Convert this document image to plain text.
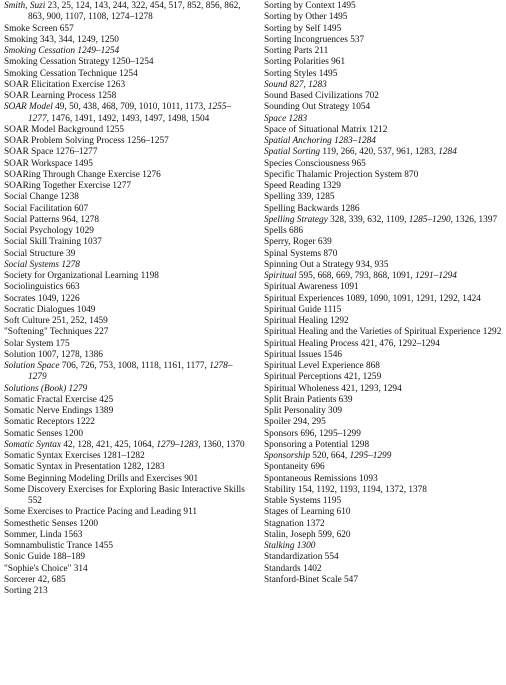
Smith, Suzi 23, 25, 124, 143, 244, 322, 454, 517, 852, 856, 862, 863, 900, 1107, 1108, 1274–1278
Smoke Screen 657
Smoking 343, 344, 1249, 1250
Smoking Cessation 1249–1254
Smoking Cessation Strategy 1250–1254
Smoking Cessation Technique 1254
SOAR Elicitation Exercise 1263
SOAR Learning Process 1258
SOAR Model 49, 50, 438, 468, 709, 1010, 1011, 1173, 1255–1277, 1476, 1491, 1492, 1493, 1497, 1498, 1504
SOAR Model Background 1255
SOAR Problem Solving Process 1256–1257
SOAR Space 1276–1277
SOAR Workspace 1495
SOARing Through Change Exercise 1276
SOARing Together Exercise 1277
Social Change 1238
Social Facilitation 607
Social Patterns 964, 1278
Social Psychology 1029
Social Skill Training 1037
Social Structure 39
Social Systems 1278
Society for Organizational Learning 1198
Sociolinguistics 663
Socrates 1049, 1226
Socratic Dialogues 1049
Soft Culture 251, 252, 1459
"Softening" Techniques 227
Solar System 175
Solution 1007, 1278, 1386
Solution Space 706, 726, 753, 1008, 1118, 1161, 1177, 1278–1279
Solutions (Book) 1279
Somatic Fractal Exercise 425
Somatic Nerve Endings 1389
Somatic Receptors 1222
Somatic Senses 1200
Somatic Syntax 42, 128, 421, 425, 1064, 1279–1283, 1360, 1370
Somatic Syntax Exercises 1281–1282
Somatic Syntax in Presentation 1282, 1283
Some Beginning Modeling Drills and Exercises 901
Some Discovery Exercises for Exploring Basic Interactive Skills 552
Some Exercises to Practice Pacing and Leading 911
Somesthetic Senses 1200
Sommer, Linda 1563
Somnambulistic Trance 1455
Sonic Guide 188–189
"Sophie's Choice" 314
Sorcerer 42, 685
Sorting 213
Sorting by Context 1495
Sorting by Other 1495
Sorting by Self 1495
Sorting Incongruences 537
Sorting Parts 211
Sorting Polarities 961
Sorting Styles 1495
Sound 827, 1283
Sound Based Civilizations 702
Sounding Out Strategy 1054
Space 1283
Space of Situational Matrix 1212
Spatial Anchoring 1283–1284
Spatial Sorting 119, 266, 420, 537, 961, 1283, 1284
Species Consciousness 965
Specific Thalamic Projection System 870
Speed Reading 1329
Spelling 339, 1285
Spelling Backwards 1286
Spelling Strategy 328, 339, 632, 1109, 1285–1290, 1326, 1397
Spells 686
Sperry, Roger 639
Spinal Systems 870
Spinning Out a Strategy 934, 935
Spiritual 595, 668, 669, 793, 868, 1091, 1291–1294
Spiritual Awareness 1091
Spiritual Experiences 1089, 1090, 1091, 1291, 1292, 1424
Spiritual Guide 1115
Spiritual Healing 1292
Spiritual Healing and the Varieties of Spiritual Experience 1292
Spiritual Healing Process 421, 476, 1292–1294
Spiritual Issues 1546
Spiritual Level Experience 868
Spiritual Perceptions 421, 1259
Spiritual Wholeness 421, 1293, 1294
Split Brain Patients 639
Split Personality 309
Spoiler 294, 295
Sponsors 696, 1295–1299
Sponsoring a Potential 1298
Sponsorship 520, 664, 1295–1299
Spontaneity 696
Spontaneous Remissions 1093
Stability 154, 1192, 1193, 1194, 1372, 1378
Stable Systems 1195
Stages of Learning 610
Stagnation 1372
Stalin, Joseph 599, 620
Stalking 1300
Standardization 554
Standards 1402
Stanford-Binet Scale 547
